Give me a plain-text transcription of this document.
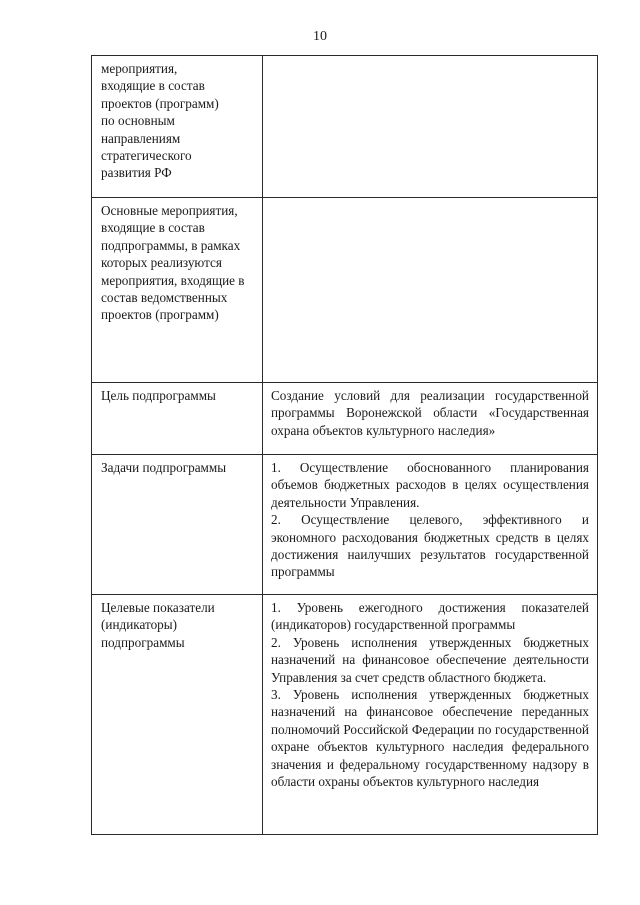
10
мероприятия, входящие в состав проектов (программ) по основным направлениям стратегического развития РФ	

Основные мероприятия, входящие в состав подпрограммы, в рамках которых реализуются мероприятия, входящие в состав ведомственных проектов (программ)	

Цель подпрограммы	Создание условий для реализации государственной программы Воронежской области «Государственная охрана объектов культурного наследия»

Задачи подпрограммы	1. Осуществление обоснованного планирования объемов бюджетных расходов в целях осуществления деятельности Управления.
2. Осуществление целевого, эффективного и экономного расходования бюджетных средств в целях достижения наилучших результатов государственной программы

Целевые показатели (индикаторы) подпрограммы	1. Уровень ежегодного достижения показателей (индикаторов) государственной программы
2. Уровень исполнения утвержденных бюджетных назначений на финансовое обеспечение деятельности Управления за счет средств областного бюджета.
3. Уровень исполнения утвержденных бюджетных назначений на финансовое обеспечение переданных полномочий Российской Федерации по государственной охране объектов культурного наследия федерального значения и федеральному государственному надзору в области охраны объектов культурного наследия
